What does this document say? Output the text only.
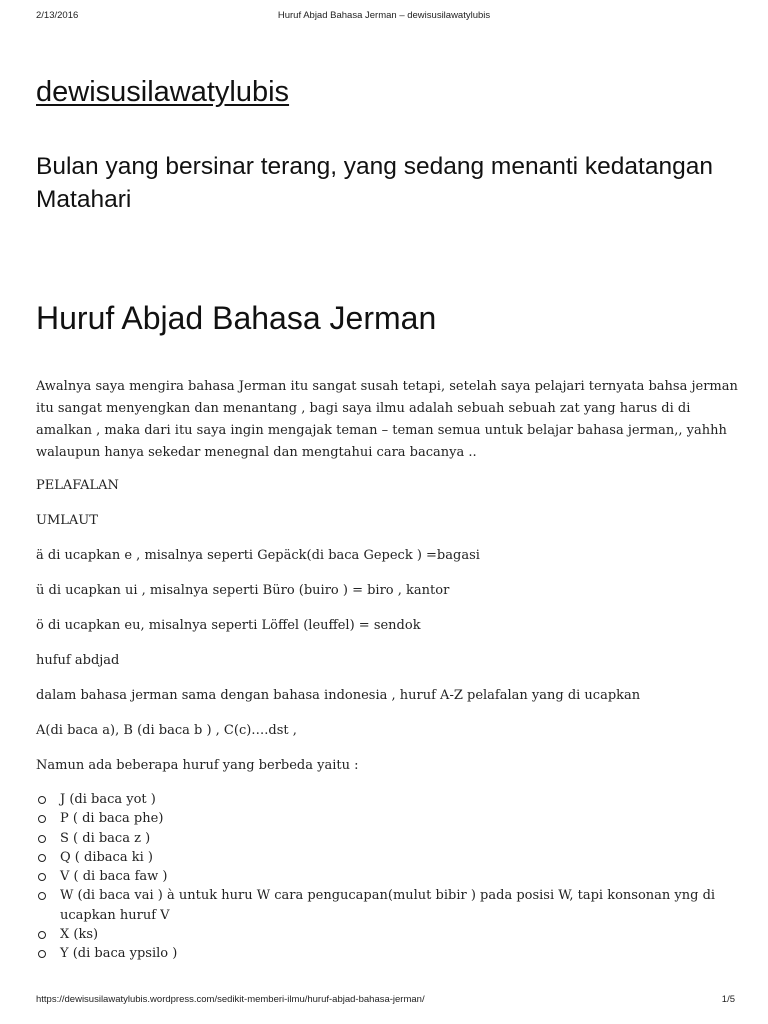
2/13/2016	Huruf Abjad Bahasa Jerman – dewisusilawatylubis
dewisusilawatylubis
Bulan yang bersinar terang, yang sedang menanti kedatangan Matahari
Huruf Abjad Bahasa Jerman

Awalnya saya mengira bahasa Jerman itu sangat susah tetapi, setelah saya pelajari ternyata bahsa jerman itu sangat menyengkan dan menantang , bagi saya ilmu adalah sebuah sebuah zat yang harus di di amalkan , maka dari itu saya ingin mengajak teman – teman semua untuk belajar bahasa jerman,, yahhh walaupun hanya sekedar menegnal dan mengtahui cara bacanya ..

PELAFALAN

UMLAUT

ä di ucapkan e , misalnya seperti Gepäck(di baca Gepeck ) =bagasi

ü di ucapkan ui , misalnya seperti Büro (buiro ) = biro , kantor

ö di ucapkan eu, misalnya seperti Löffel (leuffel) = sendok

hufuf abdjad

dalam bahasa jerman sama dengan bahasa indonesia , huruf A-Z pelafalan yang di ucapkan

A(di baca a), B (di baca b ) , C(c)….dst ,

Namun ada beberapa huruf yang berbeda yaitu :

J (di baca yot )
P ( di baca phe)
S ( di baca z )
Q ( dibaca ki )
V ( di baca faw )
W (di baca vai ) à untuk huru W cara pengucapan(mulut bibir ) pada posisi W, tapi konsonan yng di ucapkan huruf V
X (ks)
Y (di baca ypsilo )
https://dewisusilawatylubis.wordpress.com/sedikit-memberi-ilmu/huruf-abjad-bahasa-jerman/	1/5
